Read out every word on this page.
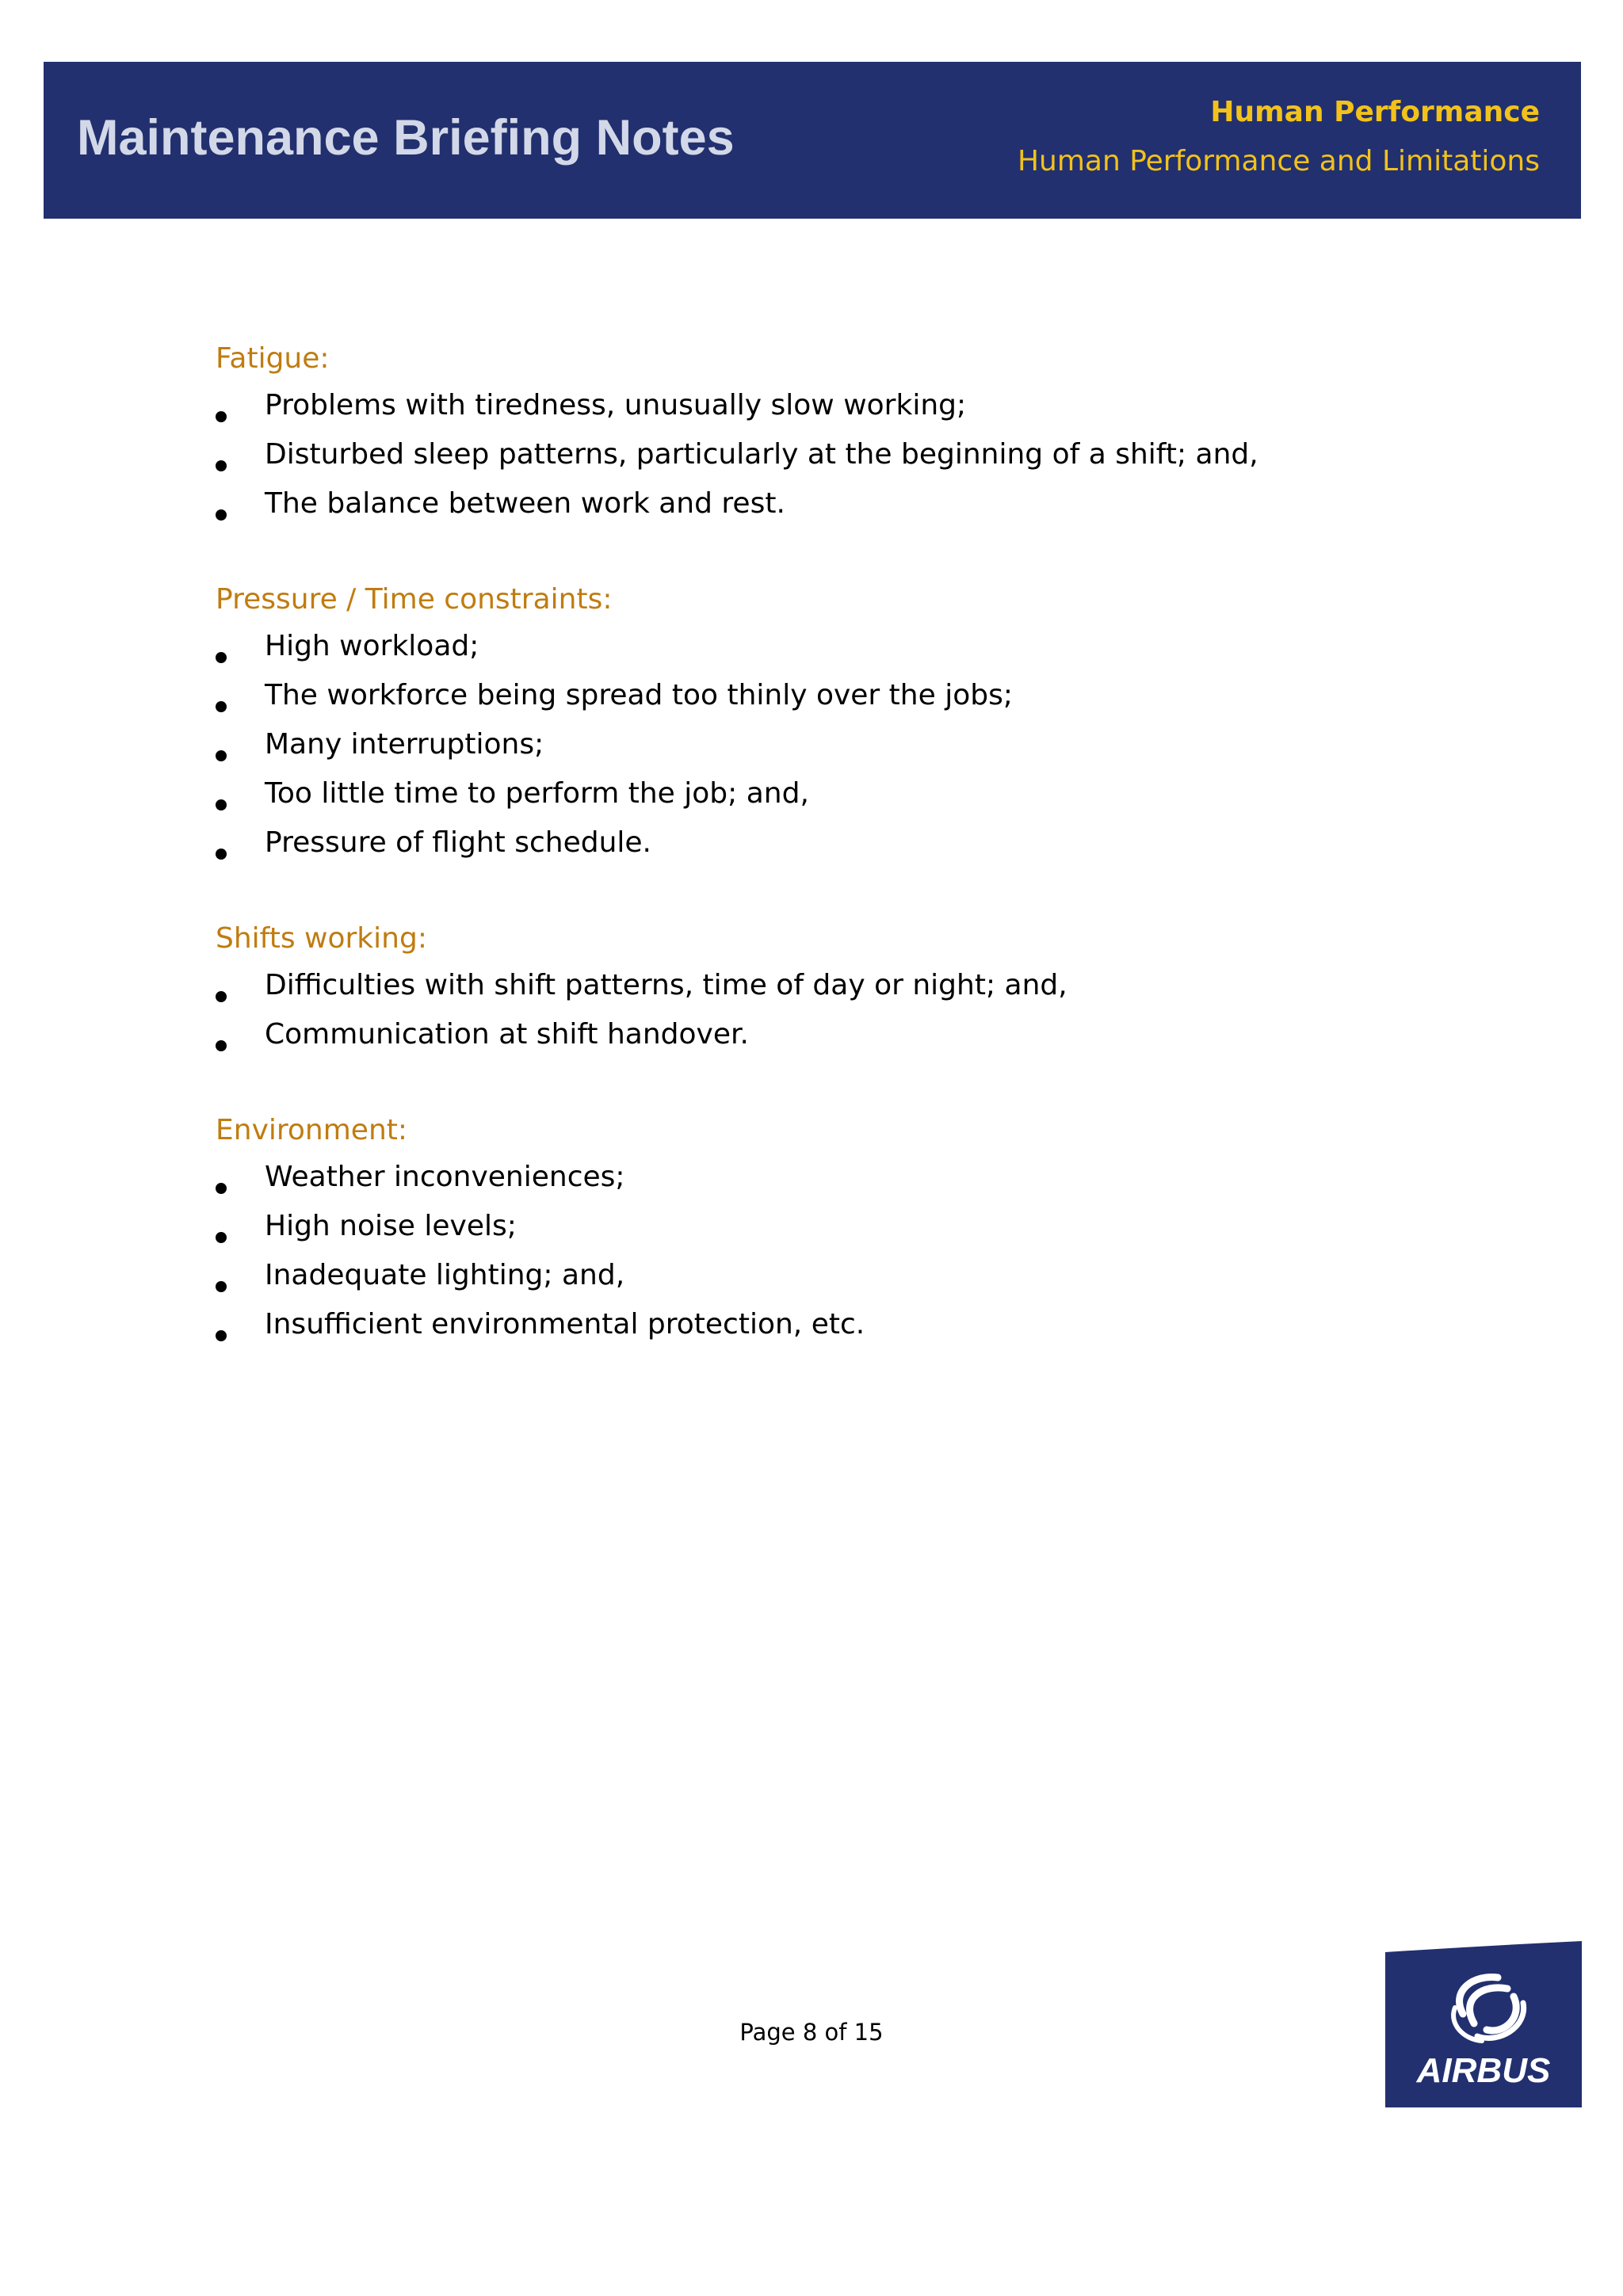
Maintenance Briefing Notes	Human Performance
Human Performance and Limitations
Fatigue:
Problems with tiredness, unusually slow working;
Disturbed sleep patterns, particularly at the beginning of a shift; and,
The balance between work and rest.
Pressure / Time constraints:
High workload;
The workforce being spread too thinly over the jobs;
Many interruptions;
Too little time to perform the job; and,
Pressure of flight schedule.
Shifts working:
Difficulties with shift patterns, time of day or night; and,
Communication at shift handover.
Environment:
Weather inconveniences;
High noise levels;
Inadequate lighting; and,
Insufficient environmental protection, etc.
Page 8 of 15
AIRBUS
